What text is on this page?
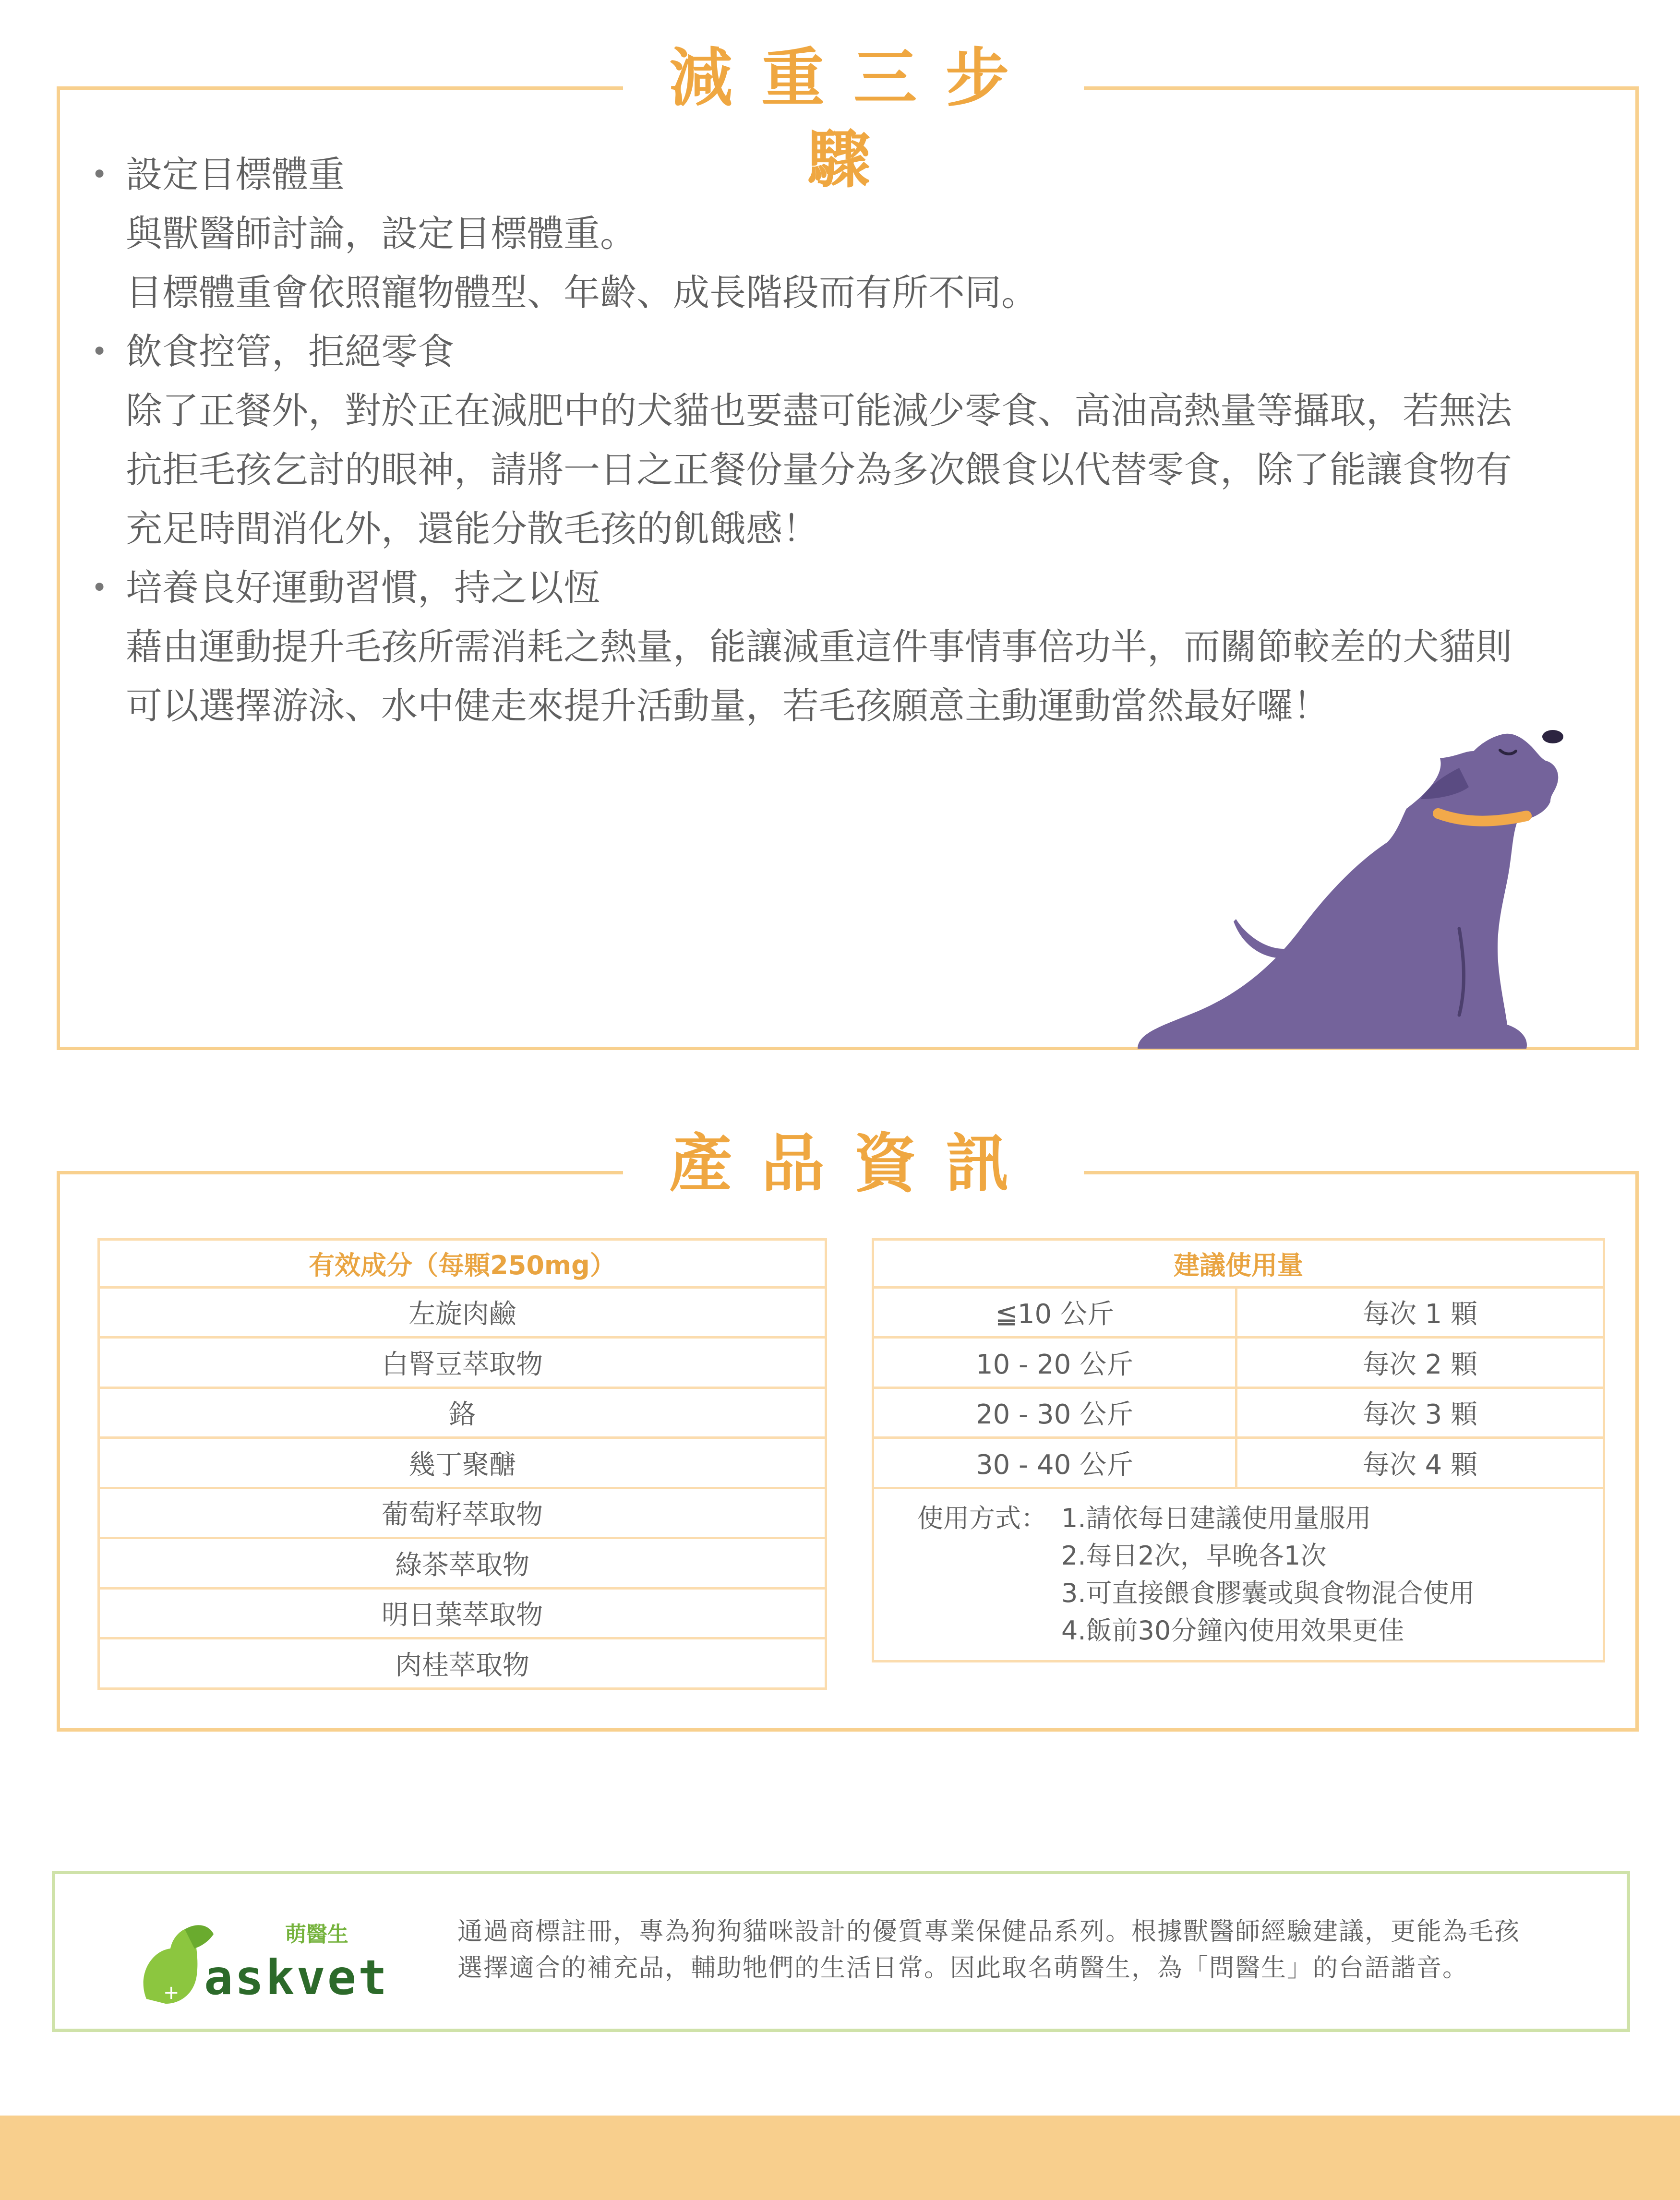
減重三步驟
• 設定目標體重
與獸醫師討論，設定目標體重。
目標體重會依照寵物體型、年齡、成長階段而有所不同。
• 飲食控管，拒絕零食
除了正餐外，對於正在減肥中的犬貓也要盡可能減少零食、高油高熱量等攝取，若無法
抗拒毛孩乞討的眼神，請將一日之正餐份量分為多次餵食以代替零食，除了能讓食物有
充足時間消化外，還能分散毛孩的飢餓感！
• 培養良好運動習慣，持之以恆
藉由運動提升毛孩所需消耗之熱量，能讓減重這件事情事倍功半，而關節較差的犬貓則
可以選擇游泳、水中健走來提升活動量，若毛孩願意主動運動當然最好囉！
產品資訊
有效成分（每顆250mg）
左旋肉鹼
白腎豆萃取物
鉻
幾丁聚醣
葡萄籽萃取物
綠茶萃取物
明日葉萃取物
肉桂萃取物
建議使用量	
≦10 公斤	每次 1 顆
10 - 20 公斤	每次 2 顆
20 - 30 公斤	每次 3 顆
30 - 40 公斤	每次 4 顆
使用方式： 1.請依每日建議使用量服用
2.每日2次，早晚各1次
3.可直接餵食膠囊或與食物混合使用
4.飯前30分鐘內使用效果更佳
+
萌醫生
askvet
通過商標註冊，專為狗狗貓咪設計的優質專業保健品系列。根據獸醫師經驗建議，更能為毛孩
選擇適合的補充品，輔助牠們的生活日常。因此取名萌醫生，為「問醫生」的台語諧音。
